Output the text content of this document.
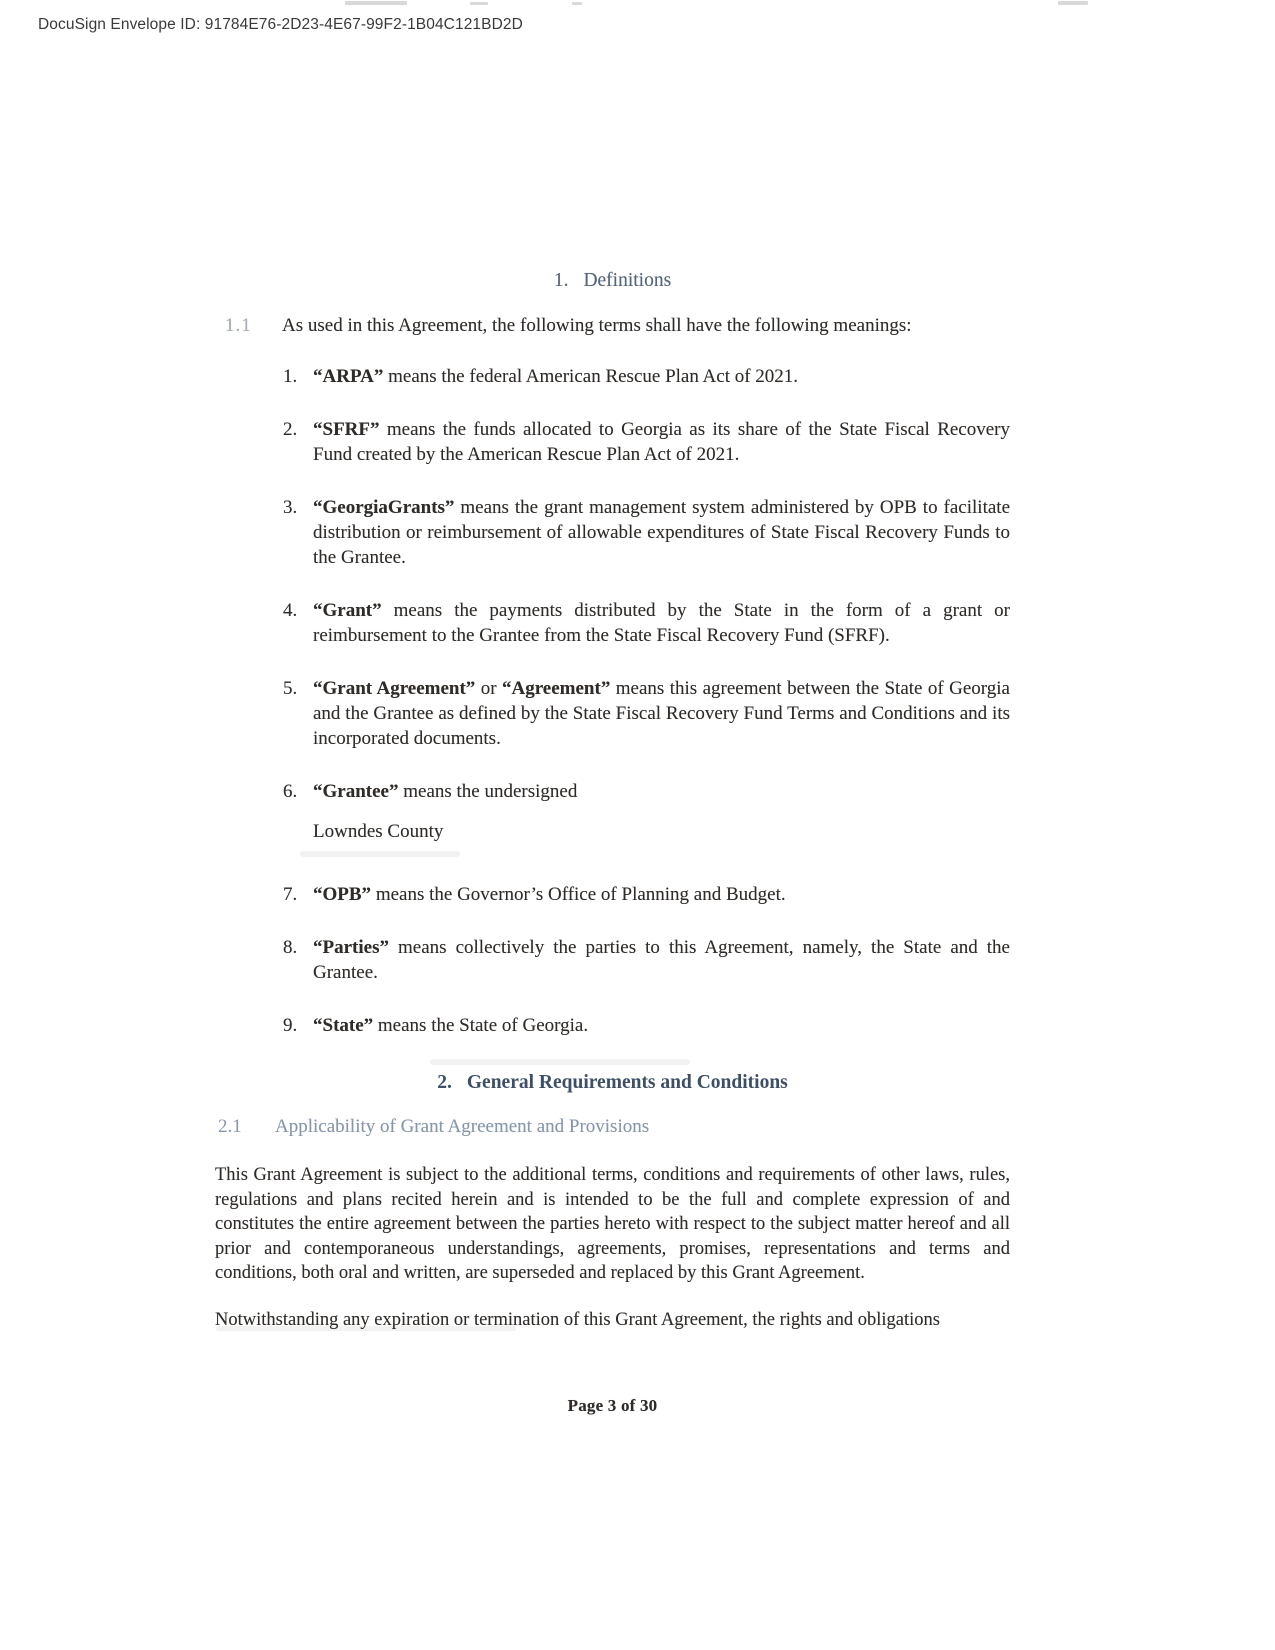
DocuSign Envelope ID: 91784E76-2D23-4E67-99F2-1B04C121BD2D
1. Definitions
1.1	As used in this Agreement, the following terms shall have the following meanings:
1. “ARPA” means the federal American Rescue Plan Act of 2021.
2. “SFRF” means the funds allocated to Georgia as its share of the State Fiscal Recovery Fund created by the American Rescue Plan Act of 2021.
3. “GeorgiaGrants” means the grant management system administered by OPB to facilitate distribution or reimbursement of allowable expenditures of State Fiscal Recovery Funds to the Grantee.
4. “Grant” means the payments distributed by the State in the form of a grant or reimbursement to the Grantee from the State Fiscal Recovery Fund (SFRF).
5. “Grant Agreement” or “Agreement” means this agreement between the State of Georgia and the Grantee as defined by the State Fiscal Recovery Fund Terms and Conditions and its incorporated documents.
6. “Grantee” means the undersigned
Lowndes County
7. “OPB” means the Governor’s Office of Planning and Budget.
8. “Parties” means collectively the parties to this Agreement, namely, the State and the Grantee.
9. “State” means the State of Georgia.
2. General Requirements and Conditions
2.1	Applicability of Grant Agreement and Provisions
This Grant Agreement is subject to the additional terms, conditions and requirements of other laws, rules, regulations and plans recited herein and is intended to be the full and complete expression of and constitutes the entire agreement between the parties hereto with respect to the subject matter hereof and all prior and contemporaneous understandings, agreements, promises, representations and terms and conditions, both oral and written, are superseded and replaced by this Grant Agreement.
Notwithstanding any expiration or termination of this Grant Agreement, the rights and obligations
Page 3 of 30
